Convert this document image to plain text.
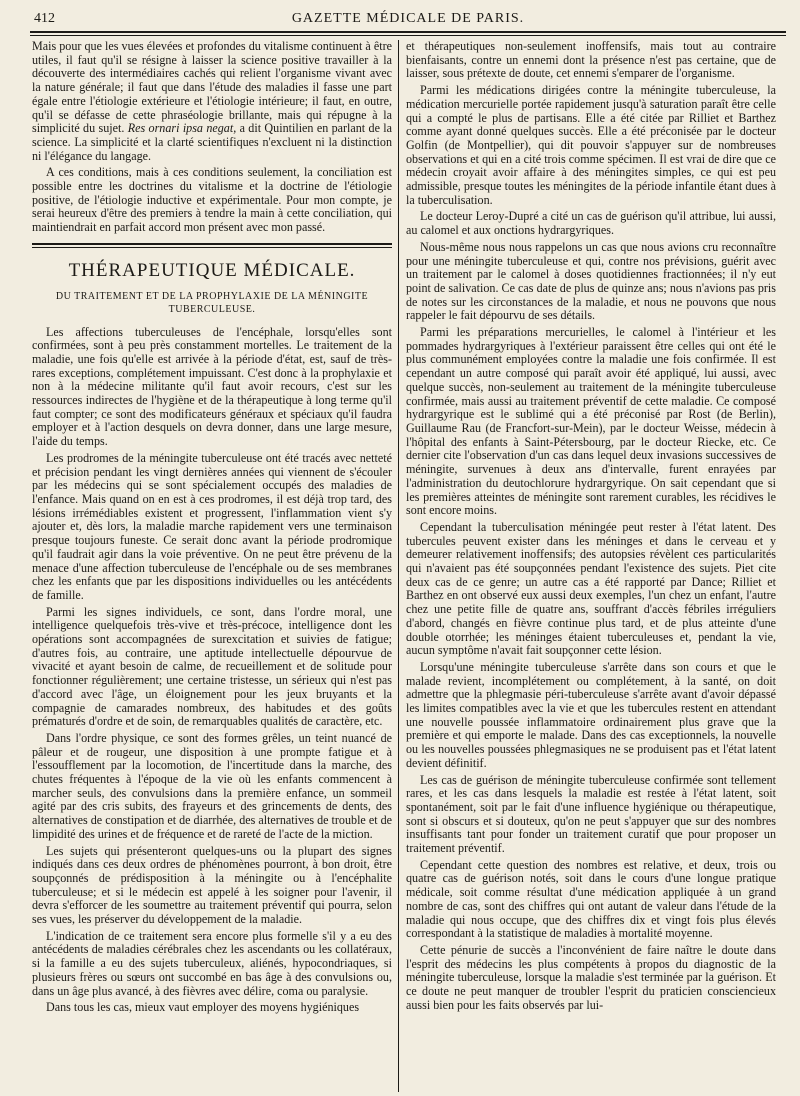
412	GAZETTE MÉDICALE DE PARIS.

Mais pour que les vues élevées et profondes du vitalisme continuent à être utiles, il faut qu'il se résigne à laisser la science positive travailler à la découverte des intermédiaires cachés qui relient l'organisme vivant avec la nature générale; il faut que dans l'étude des maladies il fasse une part égale entre l'étiologie extérieure et l'étiologie intérieure; il faut, en outre, qu'il se défasse de cette phraséologie brillante, mais qui répugne à la simplicité du sujet. Res ornari ipsa negat, a dit Quintilien en parlant de la science. La simplicité et la clarté scientifiques n'excluent ni la distinction ni l'élégance du langage.

A ces conditions, mais à ces conditions seulement, la conciliation est possible entre les doctrines du vitalisme et la doctrine de l'étiologie positive, de l'étiologie inductive et expérimentale. Pour mon compte, je serai heureux d'être des premiers à tendre la main à cette conciliation, qui maintiendrait en parfait accord mon présent avec mon passé.

THÉRAPEUTIQUE MÉDICALE.

DU TRAITEMENT ET DE LA PROPHYLAXIE DE LA MÉNINGITE TUBERCULEUSE.

Les affections tuberculeuses de l'encéphale, lorsqu'elles sont confirmées, sont à peu près constamment mortelles. Le traitement de la maladie, une fois qu'elle est arrivée à la période d'état, est, sauf de très-rares exceptions, complétement impuissant. C'est donc à la prophylaxie et non à la médecine militante qu'il faut avoir recours, c'est sur les ressources indirectes de l'hygiène et de la thérapeutique à long terme qu'il faut compter; ce sont des modificateurs généraux et spéciaux qu'il faudra employer et à l'action desquels on devra donner, dans une large mesure, l'aide du temps.

Les prodromes de la méningite tuberculeuse ont été tracés avec netteté et précision pendant les vingt dernières années qui viennent de s'écouler par les médecins qui se sont spécialement occupés des maladies de l'enfance. Mais quand on en est à ces prodromes, il est déjà trop tard, des lésions irrémédiables existent et progressent, l'inflammation vient s'y ajouter et, dès lors, la maladie marche rapidement vers une terminaison presque toujours funeste. Ce serait donc avant la période prodromique qu'il faudrait agir dans la voie préventive. On ne peut être prévenu de la menace d'une affection tuberculeuse de l'encéphale ou de ses membranes chez les enfants que par les dispositions individuelles ou les antécédents de famille.

Parmi les signes individuels, ce sont, dans l'ordre moral, une intelligence quelquefois très-vive et très-précoce, intelligence dont les opérations sont accompagnées de surexcitation et suivies de fatigue; d'autres fois, au contraire, une aptitude intellectuelle dépourvue de vivacité et ayant besoin de calme, de recueillement et de solitude pour fonctionner régulièrement; une certaine tristesse, un sérieux qui n'est pas d'accord avec l'âge, un éloignement pour les jeux bruyants et la compagnie de camarades nombreux, des habitudes et des goûts prématurés d'ordre et de soin, de remarquables qualités de caractère, etc.

Dans l'ordre physique, ce sont des formes grêles, un teint nuancé de pâleur et de rougeur, une disposition à une prompte fatigue et à l'essoufflement par la locomotion, de l'incertitude dans la marche, des chutes fréquentes à l'époque de la vie où les enfants commencent à marcher seuls, des convulsions dans la première enfance, un sommeil agité par des cris subits, des frayeurs et des grincements de dents, des alternatives de constipation et de diarrhée, des alternatives de trouble et de limpidité des urines et de fréquence et de rareté de l'acte de la miction.

Les sujets qui présenteront quelques-uns ou la plupart des signes indiqués dans ces deux ordres de phénomènes pourront, à bon droit, être soupçonnés de prédisposition à la méningite ou à l'encéphalite tuberculeuse; et si le médecin est appelé à les soigner pour l'avenir, il devra s'efforcer de les soumettre au traitement préventif qui pourra, selon ses vues, les préserver du développement de la maladie.

L'indication de ce traitement sera encore plus formelle s'il y a eu des antécédents de maladies cérébrales chez les ascendants ou les collatéraux, si la famille a eu des sujets tuberculeux, aliénés, hypocondriaques, si plusieurs frères ou sœurs ont succombé en bas âge à des convulsions ou, dans un âge plus avancé, à des fièvres avec délire, coma ou paralysie.

Dans tous les cas, mieux vaut employer des moyens hygiéniques

et thérapeutiques non-seulement inoffensifs, mais tout au contraire bienfaisants, contre un ennemi dont la présence n'est pas certaine, que de laisser, sous prétexte de doute, cet ennemi s'emparer de l'organisme.

Parmi les médications dirigées contre la méningite tuberculeuse, la médication mercurielle portée rapidement jusqu'à saturation paraît être celle qui a compté le plus de partisans. Elle a été citée par Rilliet et Barthez comme ayant donné quelques succès. Elle a été préconisée par le docteur Golfin (de Montpellier), qui dit pouvoir s'appuyer sur de nombreuses observations et qui en a cité trois comme spécimen. Il est vrai de dire que ce médecin croyait avoir affaire à des méningites simples, ce qui est peu admissible, presque toutes les méningites de la période infantile étant dues à la tuberculisation.

Le docteur Leroy-Dupré a cité un cas de guérison qu'il attribue, lui aussi, au calomel et aux onctions hydrargyriques.

Nous-même nous nous rappelons un cas que nous avions cru reconnaître pour une méningite tuberculeuse et qui, contre nos prévisions, guérit avec un traitement par le calomel à doses quotidiennes fractionnées; il n'y eut point de salivation. Ce cas date de plus de quinze ans; nous n'avions pas pris de notes sur les circonstances de la maladie, et nous ne pouvons que nous rappeler le fait dépourvu de ses détails.

Parmi les préparations mercurielles, le calomel à l'intérieur et les pommades hydrargyriques à l'extérieur paraissent être celles qui ont été le plus communément employées contre la maladie une fois confirmée. Il est cependant un autre composé qui paraît avoir été appliqué, lui aussi, avec quelque succès, non-seulement au traitement de la méningite tuberculeuse confirmée, mais aussi au traitement préventif de cette maladie. Ce composé hydrargyrique est le sublimé qui a été préconisé par Rost (de Berlin), Guillaume Rau (de Francfort-sur-Mein), par le docteur Weisse, médecin à l'hôpital des enfants à Saint-Pétersbourg, par le docteur Riecke, etc. Ce dernier cite l'observation d'un cas dans lequel deux invasions successives de méningite, survenues à deux ans d'intervalle, furent enrayées par l'administration du deutochlorure hydrargyrique. On sait cependant que si les premières atteintes de méningite sont rarement curables, les récidives le sont encore moins.

Cependant la tuberculisation méningée peut rester à l'état latent. Des tubercules peuvent exister dans les méninges et dans le cerveau et y demeurer relativement inoffensifs; des autopsies révèlent ces particularités qui n'avaient pas été soupçonnées pendant l'existence des sujets. Piet cite deux cas de ce genre; un autre cas a été rapporté par Dance; Rilliet et Barthez en ont observé eux aussi deux exemples, l'un chez un enfant, l'autre chez une petite fille de quatre ans, souffrant d'accès fébriles irréguliers d'abord, changés en fièvre continue plus tard, et de plus atteinte d'une double otorrhée; les méninges étaient tuberculeuses et, pendant la vie, aucun symptôme n'avait fait soupçonner cette lésion.

Lorsqu'une méningite tuberculeuse s'arrête dans son cours et que le malade revient, incomplétement ou complétement, à la santé, on doit admettre que la phlegmasie péri-tuberculeuse s'arrête avant d'avoir dépassé les limites compatibles avec la vie et que les tubercules restent en attendant une nouvelle poussée inflammatoire ordinairement plus grave que la première et qui emporte le malade. Dans des cas exceptionnels, la nouvelle ou les nouvelles poussées phlegmasiques ne se produisent pas et l'état latent devient définitif.

Les cas de guérison de méningite tuberculeuse confirmée sont tellement rares, et les cas dans lesquels la maladie est restée à l'état latent, soit spontanément, soit par le fait d'une influence hygiénique ou thérapeutique, sont si obscurs et si douteux, qu'on ne peut s'appuyer que sur des nombres insuffisants tant pour fonder un traitement curatif que pour proposer un traitement préventif.

Cependant cette question des nombres est relative, et deux, trois ou quatre cas de guérison notés, soit dans le cours d'une longue pratique médicale, soit comme résultat d'une médication appliquée à un grand nombre de cas, sont des chiffres qui ont autant de valeur dans l'étude de la maladie qui nous occupe, que des chiffres dix et vingt fois plus élevés correspondant à la statistique de maladies à mortalité moyenne.

Cette pénurie de succès a l'inconvénient de faire naître le doute dans l'esprit des médecins les plus compétents à propos du diagnostic de la méningite tuberculeuse, lorsque la maladie s'est terminée par la guérison. Et ce doute ne peut manquer de troubler l'esprit du praticien consciencieux aussi bien pour les faits observés par lui-
